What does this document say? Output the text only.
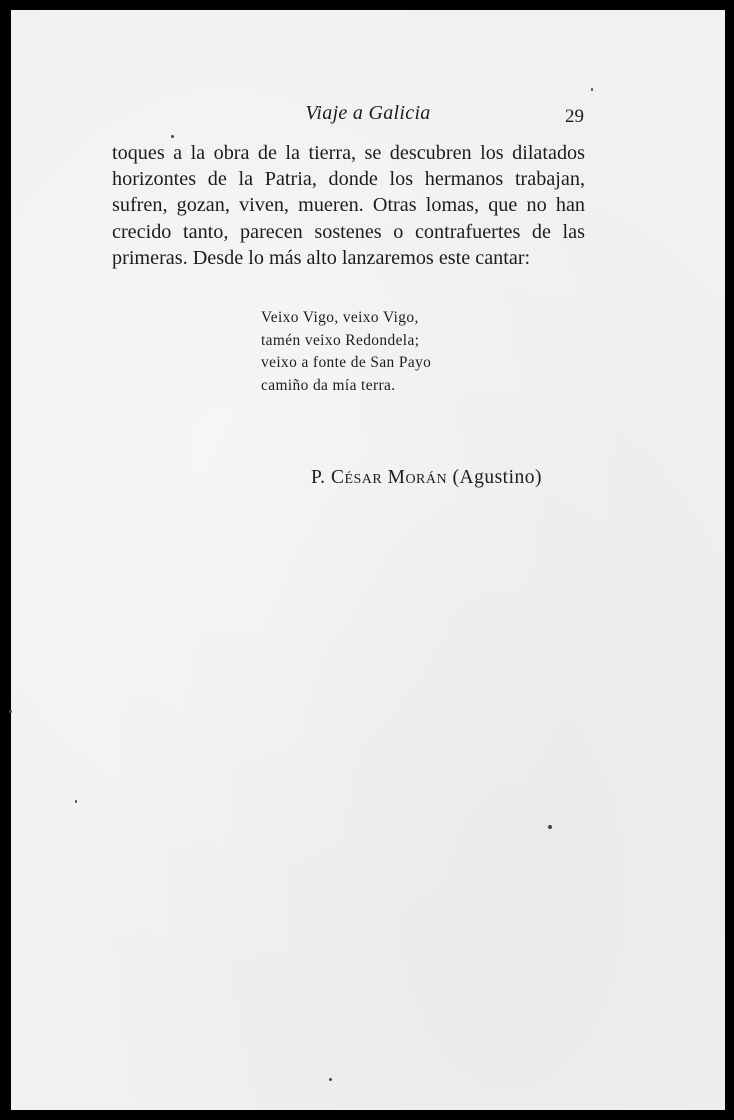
Viaje a Galicia	29

toques a la obra de la tierra, se descubren los dilatados horizontes de la Patria, donde los hermanos trabajan, sufren, gozan, viven, mueren. Otras lomas, que no han crecido tanto, parecen sostenes o contrafuertes de las primeras. Desde lo más alto lanzaremos este cantar:

Veixo Vigo, veixo Vigo,
tamén veixo Redondela;
veixo a fonte de San Payo
camiño da mía terra.
P. César Morán (Agustino)
